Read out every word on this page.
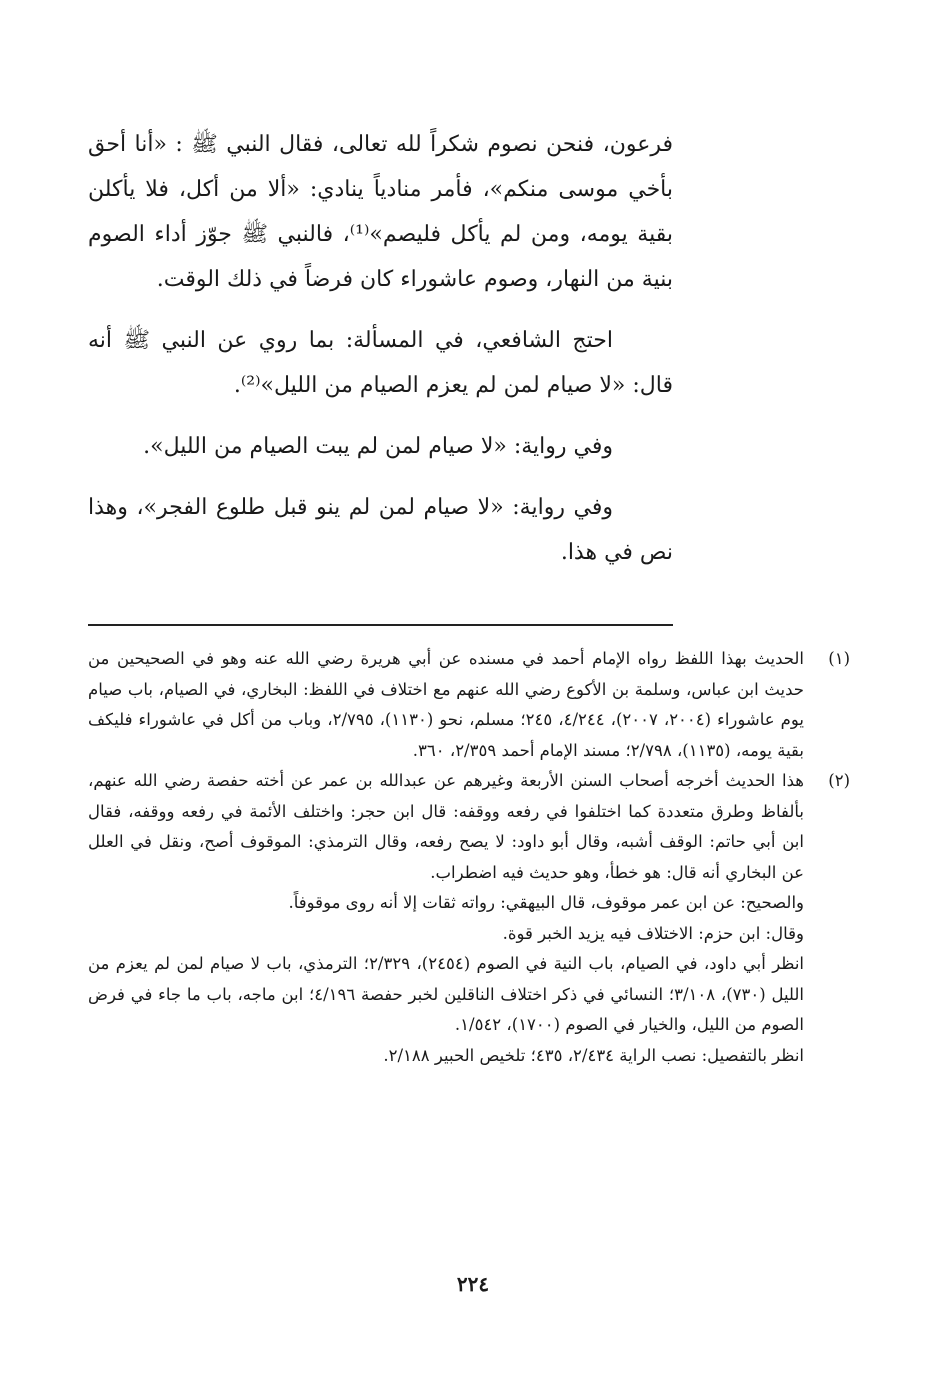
فرعون، فنحن نصوم شكراً لله تعالى، فقال النبي ﷺ : «أنا أحق بأخي موسى منكم»، فأمر منادياً ينادي: «ألا من أكل، فلا يأكلن بقية يومه، ومن لم يأكل فليصم»⁽¹⁾، فالنبي ﷺ جوّز أداء الصوم بنية من النهار، وصوم عاشوراء كان فرضاً في ذلك الوقت.

احتج الشافعي، في المسألة: بما روي عن النبي ﷺ أنه قال: «لا صيام لمن لم يعزم الصيام من الليل»⁽²⁾.

وفي رواية: «لا صيام لمن لم يبت الصيام من الليل».

وفي رواية: «لا صيام لمن لم ينو قبل طلوع الفجر»، وهذا نص في هذا.

(١)

الحديث بهذا اللفظ رواه الإمام أحمد في مسنده عن أبي هريرة رضي الله عنه وهو في الصحيحين من حديث ابن عباس، وسلمة بن الأكوع رضي الله عنهم مع اختلاف في اللفظ: البخاري، في الصيام، باب صيام يوم عاشوراء (٢٠٠٤، ٢٠٠٧)، ٤/٢٤٤، ٢٤٥؛ مسلم، نحو (١١٣٠)، ٢/٧٩٥، وباب من أكل في عاشوراء فليكف بقية يومه، (١١٣٥)، ٢/٧٩٨؛ مسند الإمام أحمد ٢/٣٥٩، ٣٦٠.

(٢)

هذا الحديث أخرجه أصحاب السنن الأربعة وغيرهم عن عبدالله بن عمر عن أخته حفصة رضي الله عنهم، بألفاظ وطرق متعددة كما اختلفوا في رفعه ووقفه: قال ابن حجر: واختلف الأئمة في رفعه ووقفه، فقال ابن أبي حاتم: الوقف أشبه، وقال أبو داود: لا يصح رفعه، وقال الترمذي: الموقوف أصح، ونقل في العلل عن البخاري أنه قال: هو خطأ، وهو حديث فيه اضطراب.

والصحيح: عن ابن عمر موقوف، قال البيهقي: رواته ثقات إلا أنه روى موقوفاً.

وقال: ابن حزم: الاختلاف فيه يزيد الخبر قوة.

انظر أبي داود، في الصيام، باب النية في الصوم (٢٤٥٤)، ٢/٣٢٩؛ الترمذي، باب لا صيام لمن لم يعزم من الليل (٧٣٠)، ٣/١٠٨؛ النسائي في ذكر اختلاف الناقلين لخبر حفصة ٤/١٩٦؛ ابن ماجه، باب ما جاء في فرض الصوم من الليل، والخيار في الصوم (١٧٠٠)، ١/٥٤٢.

انظر بالتفصيل: نصب الراية ٢/٤٣٤، ٤٣٥؛ تلخيص الحبير ٢/١٨٨.

٢٢٤
